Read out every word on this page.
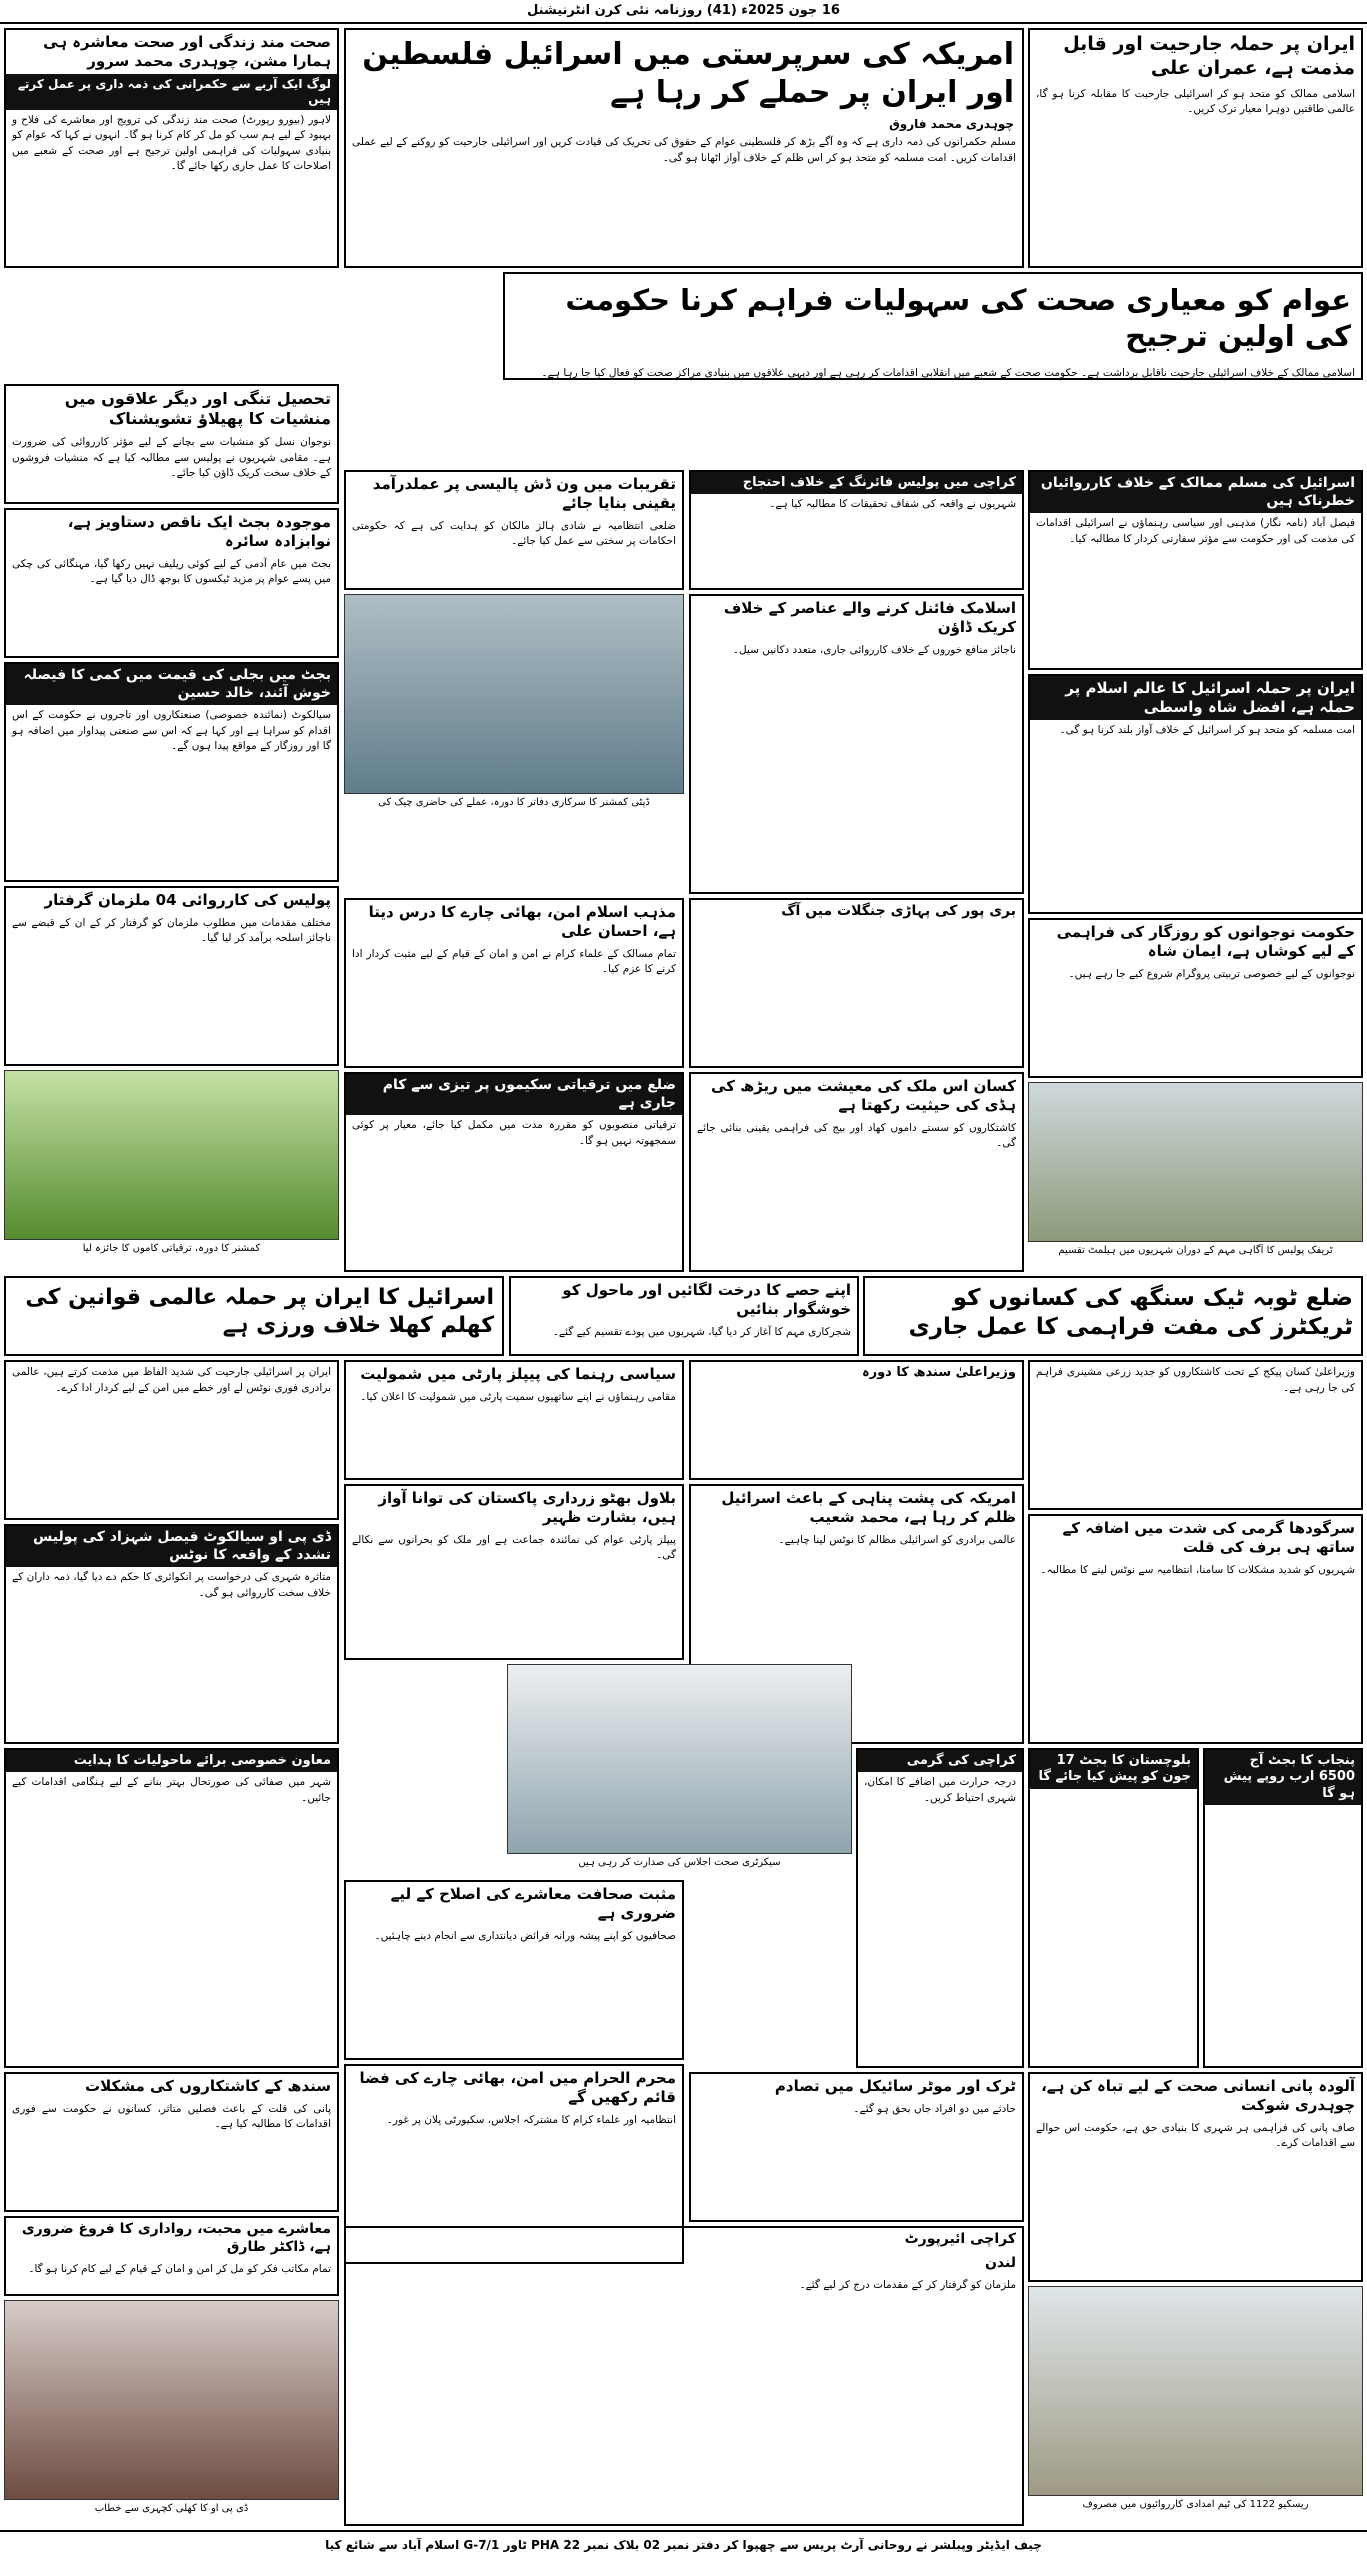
16 جون 2025ء (41) روزنامہ نئی کرن انٹرنیشنل
ایران پر حملہ جارحیت اور قابل مذمت ہے، عمران علی
اسلامی ممالک کو متحد ہو کر اسرائیلی جارحیت کا مقابلہ کرنا ہو گا، عالمی طاقتیں دوہرا معیار ترک کریں۔
عوام کو معیاری صحت کی سہولیات فراہم کرنا حکومت کی اولین ترجیح
اسلامی ممالک کے خلاف اسرائیلی جارحیت ناقابل برداشت ہے۔ حکومت صحت کے شعبے میں انقلابی اقدامات کر رہی ہے اور دیہی علاقوں میں بنیادی مراکز صحت کو فعال کیا جا رہا ہے۔
اسرائیل کی مسلم ممالک کے خلاف کارروائیاں خطرناک ہیں
فیصل آباد (نامہ نگار) مذہبی اور سیاسی رہنماؤں نے اسرائیلی اقدامات کی مذمت کی اور حکومت سے مؤثر سفارتی کردار کا مطالبہ کیا۔
ایران پر حملہ اسرائیل کا عالم اسلام پر حملہ ہے، افضل شاہ واسطی
امت مسلمہ کو متحد ہو کر اسرائیل کے خلاف آواز بلند کرنا ہو گی۔
حکومت نوجوانوں کو روزگار کی فراہمی کے لیے کوشاں ہے، ایمان شاہ
نوجوانوں کے لیے خصوصی تربیتی پروگرام شروع کیے جا رہے ہیں۔
ٹریفک پولیس کا آگاہی مہم کے دوران شہریوں میں ہیلمٹ تقسیم
ضلع ٹوبہ ٹیک سنگھ کی کسانوں کو ٹریکٹرز کی مفت فراہمی کا عمل جاری
وزیراعلیٰ کسان پیکج کے تحت کاشتکاروں کو جدید زرعی مشینری فراہم کی جا رہی ہے۔
سرگودھا گرمی کی شدت میں اضافہ کے ساتھ ہی برف کی قلت
شہریوں کو شدید مشکلات کا سامنا، انتظامیہ سے نوٹس لینے کا مطالبہ۔
پنجاب کا بجٹ آج 6500 ارب روپے پیش ہو گا
بلوچستان کا بجٹ 17 جون کو پیش کیا جائے گا
آلودہ پانی انسانی صحت کے لیے تباہ کن ہے، چوہدری شوکت
صاف پانی کی فراہمی ہر شہری کا بنیادی حق ہے، حکومت اس حوالے سے اقدامات کرے۔
ریسکیو 1122 کی ٹیم امدادی کارروائیوں میں مصروف
امریکہ کی سرپرستی میں اسرائیل فلسطین اور ایران پر حملے کر رہا ہے
چوہدری محمد فاروق
مسلم حکمرانوں کی ذمہ داری ہے کہ وہ آگے بڑھ کر فلسطینی عوام کے حقوق کی تحریک کی قیادت کریں اور اسرائیلی جارحیت کو روکنے کے لیے عملی اقدامات کریں۔ امت مسلمہ کو متحد ہو کر اس ظلم کے خلاف آواز اٹھانا ہو گی۔
کراچی میں پولیس فائرنگ کے خلاف احتجاج
شہریوں نے واقعہ کی شفاف تحقیقات کا مطالبہ کیا ہے۔
تقریبات میں ون ڈش پالیسی پر عملدرآمد یقینی بنایا جائے
ضلعی انتظامیہ نے شادی ہالز مالکان کو ہدایت کی ہے کہ حکومتی احکامات پر سختی سے عمل کیا جائے۔
ڈپٹی کمشنر کا سرکاری دفاتر کا دورہ، عملے کی حاضری چیک کی
اسلامک فائنل کرنے والے عناصر کے خلاف کریک ڈاؤن
ناجائز منافع خوروں کے خلاف کارروائی جاری، متعدد دکانیں سیل۔
بری پور کی پہاڑی جنگلات میں آگ
مذہب اسلام امن، بھائی چارے کا درس دیتا ہے، احسان علی
تمام مسالک کے علماء کرام نے امن و امان کے قیام کے لیے مثبت کردار ادا کرنے کا عزم کیا۔
کسان اس ملک کی معیشت میں ریڑھ کی ہڈی کی حیثیت رکھتا ہے
کاشتکاروں کو سستے داموں کھاد اور بیج کی فراہمی یقینی بنائی جائے گی۔
ضلع میں ترقیاتی سکیموں پر تیزی سے کام جاری ہے
ترقیاتی منصوبوں کو مقررہ مدت میں مکمل کیا جائے، معیار پر کوئی سمجھوتہ نہیں ہو گا۔
اپنے حصے کا درخت لگائیں اور ماحول کو خوشگوار بنائیں
شجرکاری مہم کا آغاز کر دیا گیا، شہریوں میں پودے تقسیم کیے گئے۔
وزیراعلیٰ سندھ کا دورہ
سیاسی رہنما کی پیپلز پارٹی میں شمولیت
مقامی رہنماؤں نے اپنے ساتھیوں سمیت پارٹی میں شمولیت کا اعلان کیا۔
امریکہ کی پشت پناہی کے باعث اسرائیل ظلم کر رہا ہے، محمد شعیب
عالمی برادری کو اسرائیلی مظالم کا نوٹس لینا چاہیے۔
بلاول بھٹو زرداری پاکستان کی توانا آواز ہیں، بشارت ظہیر
پیپلز پارٹی عوام کی نمائندہ جماعت ہے اور ملک کو بحرانوں سے نکالے گی۔
کراچی کی گرمی
درجہ حرارت میں اضافے کا امکان، شہری احتیاط کریں۔
سیکرٹری صحت اجلاس کی صدارت کر رہی ہیں
مثبت صحافت معاشرے کی اصلاح کے لیے ضروری ہے
صحافیوں کو اپنے پیشہ ورانہ فرائض دیانتداری سے انجام دینے چاہئیں۔
ٹرک اور موٹر سائیکل میں تصادم
حادثے میں دو افراد جاں بحق ہو گئے۔
محرم الحرام میں امن، بھائی چارے کی فضا قائم رکھیں گے
انتظامیہ اور علماء کرام کا مشترکہ اجلاس، سکیورٹی پلان پر غور۔
کراچی ائیرپورٹ
لندن
ملزمان کو گرفتار کر کے مقدمات درج کر لیے گئے۔
صحت مند زندگی اور صحت معاشرہ ہی ہمارا مشن، چوہدری محمد سرور
لوگ ایک آربے سے حکمرانی کی ذمہ داری پر عمل کرتے ہیں
لاہور (بیورو رپورٹ) صحت مند زندگی کی ترویج اور معاشرے کی فلاح و بہبود کے لیے ہم سب کو مل کر کام کرنا ہو گا۔ انہوں نے کہا کہ عوام کو بنیادی سہولیات کی فراہمی اولین ترجیح ہے اور صحت کے شعبے میں اصلاحات کا عمل جاری رکھا جائے گا۔
تحصیل تنگی اور دیگر علاقوں میں منشیات کا پھیلاؤ تشویشناک
نوجوان نسل کو منشیات سے بچانے کے لیے مؤثر کارروائی کی ضرورت ہے۔ مقامی شہریوں نے پولیس سے مطالبہ کیا ہے کہ منشیات فروشوں کے خلاف سخت کریک ڈاؤن کیا جائے۔
موجودہ بجٹ ایک ناقص دستاویز ہے، نوابزادہ سائرہ
بجٹ میں عام آدمی کے لیے کوئی ریلیف نہیں رکھا گیا، مہنگائی کی چکی میں پسے عوام پر مزید ٹیکسوں کا بوجھ ڈال دیا گیا ہے۔
بجٹ میں بجلی کی قیمت میں کمی کا فیصلہ خوش آئند، خالد حسین
سیالکوٹ (نمائندہ خصوصی) صنعتکاروں اور تاجروں نے حکومت کے اس اقدام کو سراہا ہے اور کہا ہے کہ اس سے صنعتی پیداوار میں اضافہ ہو گا اور روزگار کے مواقع پیدا ہوں گے۔
پولیس کی کارروائی 04 ملزمان گرفتار
مختلف مقدمات میں مطلوب ملزمان کو گرفتار کر کے ان کے قبضے سے ناجائز اسلحہ برآمد کر لیا گیا۔
کمشنر کا دورہ، ترقیاتی کاموں کا جائزہ لیا
اسرائیل کا ایران پر حملہ عالمی قوانین کی کھلم کھلا خلاف ورزی ہے
ایران پر اسرائیلی جارحیت کی شدید الفاظ میں مذمت کرتے ہیں، عالمی برادری فوری نوٹس لے اور خطے میں امن کے لیے کردار ادا کرے۔
ڈی پی او سیالکوٹ فیصل شہزاد کی پولیس تشدد کے واقعہ کا نوٹس
متاثرہ شہری کی درخواست پر انکوائری کا حکم دے دیا گیا، ذمہ داران کے خلاف سخت کارروائی ہو گی۔
معاون خصوصی برائے ماحولیات کا ہدایت
شہر میں صفائی کی صورتحال بہتر بنانے کے لیے ہنگامی اقدامات کیے جائیں۔
سندھ کے کاشتکاروں کی مشکلات
پانی کی قلت کے باعث فصلیں متاثر، کسانوں نے حکومت سے فوری اقدامات کا مطالبہ کیا ہے۔
معاشرے میں محبت، رواداری کا فروغ ضروری ہے، ڈاکٹر طارق
تمام مکاتب فکر کو مل کر امن و امان کے قیام کے لیے کام کرنا ہو گا۔
ڈی پی او کا کھلی کچہری سے خطاب
چیف ایڈیٹر وپبلشر نے روحانی آرٹ پریس سے چھپوا کر دفتر نمبر 02 بلاک نمبر 22 PHA ٹاور G-7/1 اسلام آباد سے شائع کیا
